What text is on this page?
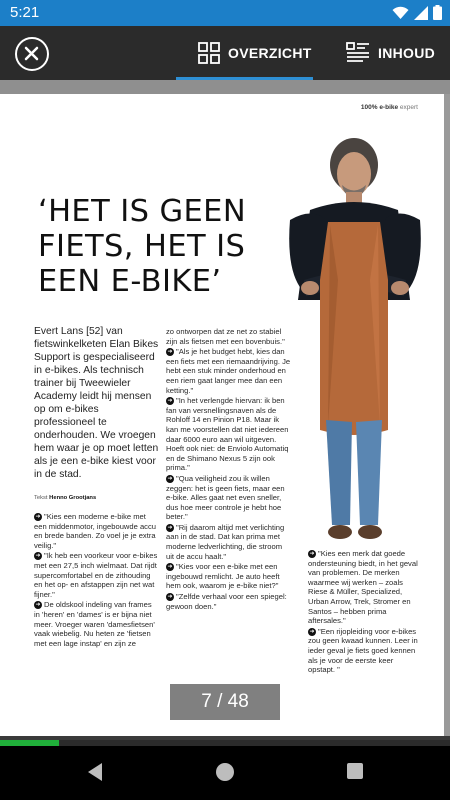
5:21
OVERZICHT	INHOUD
100% e-bike expert
‘HET IS GEEN
FIETS, HET IS
EEN E-BIKE’
Evert Lans [52] van fietswinkelketen Elan Bikes Support is gespecialiseerd in e-bikes. Als technisch trainer bij Tweewieler Academy leidt hij mensen op om e-bikes professioneel te onderhouden. We vroegen hem waar je op moet letten als je een e-bike kiest voor in de stad.
Tekst Henno Grootjans

➜ "Kies een moderne e-bike met een middenmotor, ingebouwde accu en brede banden. Zo voel je je extra veilig."

➜ "Ik heb een voorkeur voor e-bikes met een 27,5 inch wielmaat. Dat rijdt supercomfortabel en de zithouding en het op- en afstappen zijn net wat fijner."

➜ De oldskool indeling van frames in 'heren' en 'dames' is er bijna niet meer. Vroeger waren 'damesfietsen' vaak wiebelig. Nu heten ze 'fietsen met een lage instap' en zijn ze

zo ontworpen dat ze net zo stabiel zijn als fietsen met een bovenbuis."

➜ "Als je het budget hebt, kies dan een fiets met een riemaandrijving. Je hebt een stuk minder onderhoud en een riem gaat langer mee dan een ketting."

➜ "In het verlengde hiervan: ik ben fan van versnellingsnaven als de Rohloff 14 en Pinion P18. Maar ik kan me voorstellen dat niet iedereen daar 6000 euro aan wil uitgeven. Hoeft ook niet: de Enviolo Automatiq en de Shimano Nexus 5 zijn ook prima."

➜ "Qua veiligheid zou ik willen zeggen: het is geen fiets, maar een e-bike. Alles gaat net even sneller, dus hoe meer controle je hebt hoe beter."

➜ "Rij daarom altijd met verlichting aan in de stad. Dat kan prima met moderne ledverlichting, die stroom uit de accu haalt."

➜ "Kies voor een e-bike met een ingebouwd remlicht. Je auto heeft hem ook, waarom je e-bike niet?"

➜ "Zelfde verhaal voor een spiegel: gewoon doen."

➜ "Kies een merk dat goede ondersteuning biedt, in het geval van problemen. De merken waarmee wij werken – zoals Riese & Müller, Specialized, Urban Arrow, Trek, Stromer en Santos – hebben prima aftersales."

➜ "Een rijopleiding voor e-bikes zou geen kwaad kunnen. Leer in ieder geval je fiets goed kennen als je voor de eerste keer opstapt. "

7 / 48
